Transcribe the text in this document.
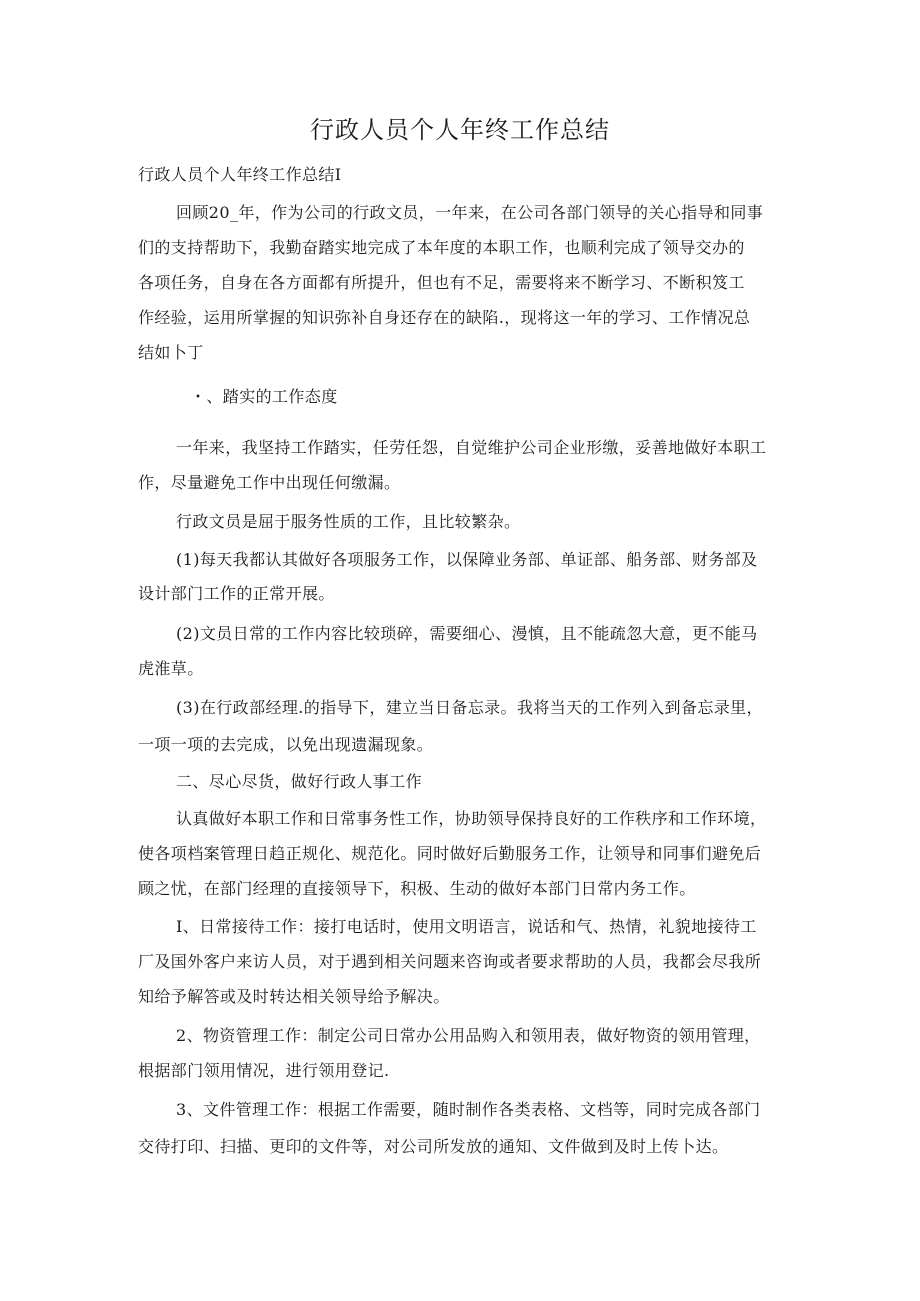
行政人员个人年终工作总结
行政人员个人年终工作总结I
回顾20_年，作为公司的行政文员，一年来，在公司各部门领导的关心指导和同事
们的支持帮助下，我勤奋踏实地完成了本年度的本职工作，也顺利完成了领导交办的
各项任务，自身在各方面都有所提升，但也有不足，需要将来不断学习、不断积笈工
作经验，运用所掌握的知识弥补自身还存在的缺陷.，现将这一年的学习、工作情况总
结如卜丁
・、踏实的工作态度
一年来，我坚持工作踏实，任劳任怨，自觉维护公司企业形缴，妥善地做好本职工
作，尽量避免工作中出现任何缴漏。
行政文员是屈于服务性质的工作，且比较繁杂。
(1)每天我都认其做好各项服务工作，以保障业务部、单证部、船务部、财务部及
设计部门工作的正常开展。
(2)文员日常的工作内容比较琐碎，需要细心、漫慎，且不能疏忽大意，更不能马
虎淮草。
(3)在行政部经理.的指导下，建立当日备忘录。我将当天的工作列入到备忘录里，
一项一项的去完成，以免出现遗漏现象。
二、尽心尽货，做好行政人事工作
认真做好本职工作和日常事务性工作，协助领导保持良好的工作秩序和工作环境，
使各项档案管理日趋正规化、规范化。同时做好后勤服务工作，让领导和同事们避免后
顾之忧，在部门经理的直接领导下，积极、生动的做好本部门日常内务工作。
I、日常接待工作：接打电话时，使用文明语言，说话和气、热情，礼貌地接待工
厂及国外客户来访人员，对于遇到相关问题来咨询或者要求帮助的人员，我都会尽我所
知给予解答或及时转达相关领导给予解决。
2、物资管理工作：制定公司日常办公用品购入和领用表，做好物资的领用管理，
根据部门领用情况，进行领用登记.
3、文件管理工作：根据工作需要，随时制作各类表格、文档等，同时完成各部门
交待打印、扫描、更印的文件等，对公司所发放的通知、文件做到及时上传卜达。
